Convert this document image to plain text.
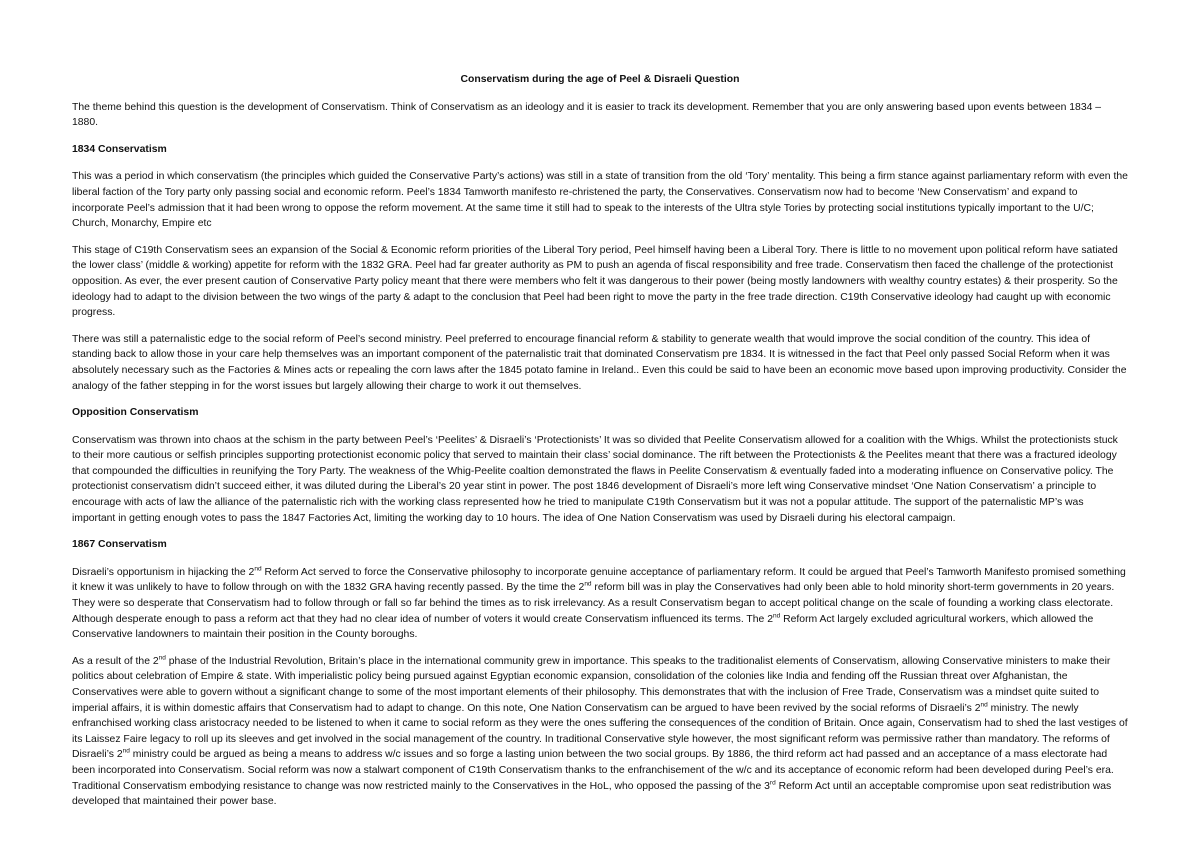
Conservatism during the age of Peel & Disraeli Question

The theme behind this question is the development of Conservatism. Think of Conservatism as an ideology and it is easier to track its development. Remember that you are only answering based upon events between 1834 – 1880.

1834 Conservatism

This was a period in which conservatism (the principles which guided the Conservative Party’s actions) was still in a state of transition from the old ‘Tory’ mentality. This being a firm stance against parliamentary reform with even the liberal faction of the Tory party only passing social and economic reform. Peel’s 1834 Tamworth manifesto re-christened the party, the Conservatives. Conservatism now had to become ‘New Conservatism’ and expand to incorporate Peel’s admission that it had been wrong to oppose the reform movement. At the same time it still had to speak to the interests of the Ultra style Tories by protecting social institutions typically important to the U/C; Church, Monarchy, Empire etc

This stage of C19th Conservatism sees an expansion of the Social & Economic reform priorities of the Liberal Tory period, Peel himself having been a Liberal Tory. There is little to no movement upon political reform have satiated the lower class’ (middle & working) appetite for reform with the 1832 GRA. Peel had far greater authority as PM to push an agenda of fiscal responsibility and free trade. Conservatism then faced the challenge of the protectionist opposition. As ever, the ever present caution of Conservative Party policy meant that there were members who felt it was dangerous to their power (being mostly landowners with wealthy country estates) & their prosperity. So the ideology had to adapt to the division between the two wings of the party & adapt to the conclusion that Peel had been right to move the party in the free trade direction. C19th Conservative ideology had caught up with economic progress.

There was still a paternalistic edge to the social reform of Peel’s second ministry. Peel preferred to encourage financial reform & stability to generate wealth that would improve the social condition of the country. This idea of standing back to allow those in your care help themselves was an important component of the paternalistic trait that dominated Conservatism pre 1834. It is witnessed in the fact that Peel only passed Social Reform when it was absolutely necessary such as the Factories & Mines acts or repealing the corn laws after the 1845 potato famine in Ireland.. Even this could be said to have been an economic move based upon improving productivity. Consider the analogy of the father stepping in for the worst issues but largely allowing their charge to work it out themselves.

Opposition Conservatism

Conservatism was thrown into chaos at the schism in the party between Peel’s ‘Peelites’ & Disraeli’s ‘Protectionists’ It was so divided that Peelite Conservatism allowed for a coalition with the Whigs. Whilst the protectionists stuck to their more cautious or selfish principles supporting protectionist economic policy that served to maintain their class’ social dominance. The rift between the Protectionists & the Peelites meant that there was a fractured ideology that compounded the difficulties in reunifying the Tory Party. The weakness of the Whig-Peelite coaltion demonstrated the flaws in Peelite Conservatism & eventually faded into a moderating influence on Conservative policy. The protectionist conservatism didn’t succeed either, it was diluted during the Liberal’s 20 year stint in power. The post 1846 development of Disraeli’s more left wing Conservative mindset ‘One Nation Conservatism’ a principle to encourage with acts of law the alliance of the paternalistic rich with the working class represented how he tried to manipulate C19th Conservatism but it was not a popular attitude. The support of the paternalistic MP’s was important in getting enough votes to pass the 1847 Factories Act, limiting the working day to 10 hours. The idea of One Nation Conservatism was used by Disraeli during his electoral campaign.

1867 Conservatism

Disraeli’s opportunism in hijacking the 2nd Reform Act served to force the Conservative philosophy to incorporate genuine acceptance of parliamentary reform. It could be argued that Peel’s Tamworth Manifesto promised something it knew it was unlikely to have to follow through on with the 1832 GRA having recently passed. By the time the 2nd reform bill was in play the Conservatives had only been able to hold minority short-term governments in 20 years. They were so desperate that Conservatism had to follow through or fall so far behind the times as to risk irrelevancy. As a result Conservatism began to accept political change on the scale of founding a working class electorate. Although desperate enough to pass a reform act that they had no clear idea of number of voters it would create Conservatism influenced its terms. The 2nd Reform Act largely excluded agricultural workers, which allowed the Conservative landowners to maintain their position in the County boroughs.

As a result of the 2nd phase of the Industrial Revolution, Britain’s place in the international community grew in importance. This speaks to the traditionalist elements of Conservatism, allowing Conservative ministers to make their politics about celebration of Empire & state. With imperialistic policy being pursued against Egyptian economic expansion, consolidation of the colonies like India and fending off the Russian threat over Afghanistan, the Conservatives were able to govern without a significant change to some of the most important elements of their philosophy. This demonstrates that with the inclusion of Free Trade, Conservatism was a mindset quite suited to imperial affairs, it is within domestic affairs that Conservatism had to adapt to change. On this note, One Nation Conservatism can be argued to have been revived by the social reforms of Disraeli’s 2nd ministry. The newly enfranchised working class aristocracy needed to be listened to when it came to social reform as they were the ones suffering the consequences of the condition of Britain. Once again, Conservatism had to shed the last vestiges of its Laissez Faire legacy to roll up its sleeves and get involved in the social management of the country. In traditional Conservative style however, the most significant reform was permissive rather than mandatory. The reforms of Disraeli’s 2nd ministry could be argued as being a means to address w/c issues and so forge a lasting union between the two social groups. By 1886, the third reform act had passed and an acceptance of a mass electorate had been incorporated into Conservatism. Social reform was now a stalwart component of C19th Conservatism thanks to the enfranchisement of the w/c and its acceptance of economic reform had been developed during Peel’s era. Traditional Conservatism embodying resistance to change was now restricted mainly to the Conservatives in the HoL, who opposed the passing of the 3rd Reform Act until an acceptable compromise upon seat redistribution was developed that maintained their power base.
